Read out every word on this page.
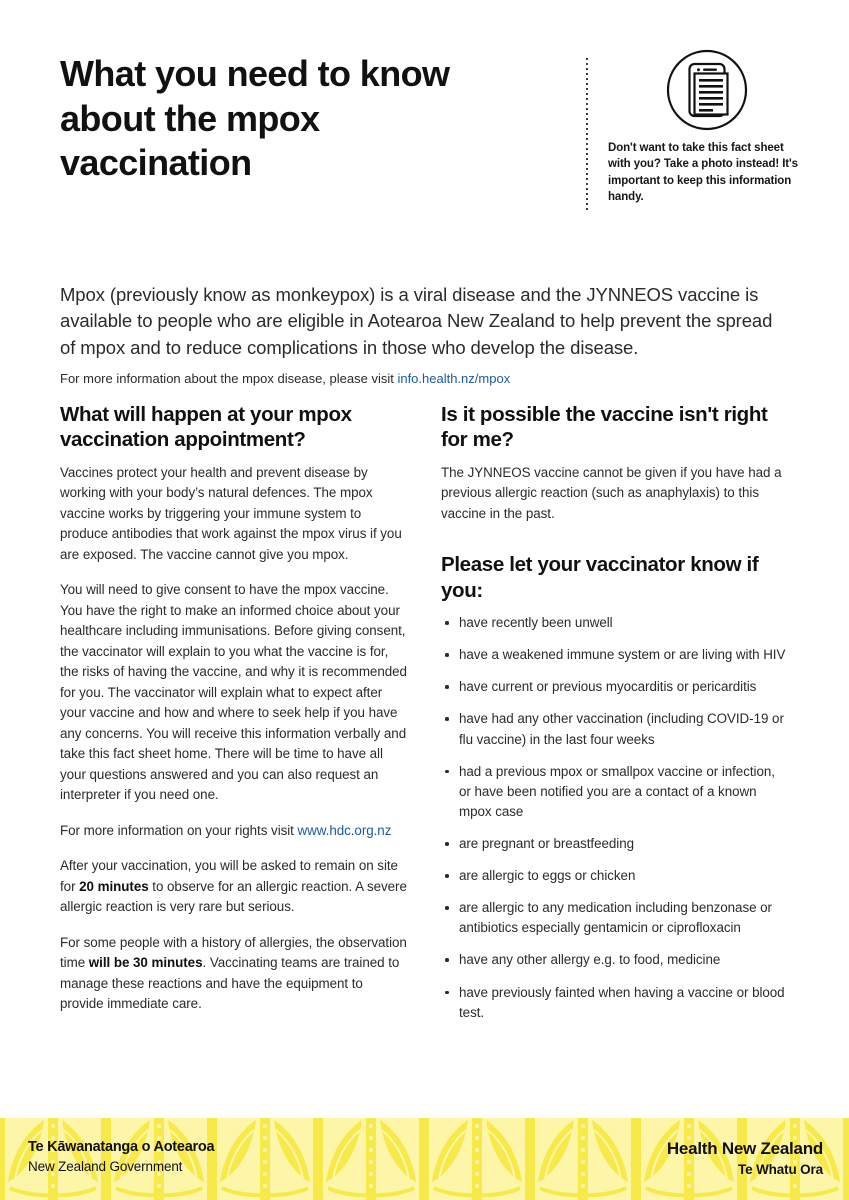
What you need to know about the mpox vaccination	Don't want to take this fact sheet with you? Take a photo instead! It's important to keep this information handy.

Mpox (previously know as monkeypox) is a viral disease and the JYNNEOS vaccine is available to people who are eligible in Aotearoa New Zealand to help prevent the spread of mpox and to reduce complications in those who develop the disease.

For more information about the mpox disease, please visit info.health.nz/mpox

What will happen at your mpox vaccination appointment?

Vaccines protect your health and prevent disease by working with your body’s natural defences. The mpox vaccine works by triggering your immune system to produce antibodies that work against the mpox virus if you are exposed. The vaccine cannot give you mpox.

You will need to give consent to have the mpox vaccine. You have the right to make an informed choice about your healthcare including immunisations. Before giving consent, the vaccinator will explain to you what the vaccine is for, the risks of having the vaccine, and why it is recommended for you. The vaccinator will explain what to expect after your vaccine and how and where to seek help if you have any concerns. You will receive this information verbally and take this fact sheet home. There will be time to have all your questions answered and you can also request an interpreter if you need one.

For more information on your rights visit www.hdc.org.nz

After your vaccination, you will be asked to remain on site for 20 minutes to observe for an allergic reaction. A severe allergic reaction is very rare but serious.

For some people with a history of allergies, the observation time will be 30 minutes. Vaccinating teams are trained to manage these reactions and have the equipment to provide immediate care.

Is it possible the vaccine isn't right for me?

The JYNNEOS vaccine cannot be given if you have had a previous allergic reaction (such as anaphylaxis) to this vaccine in the past.

Please let your vaccinator know if you:
have recently been unwell
have a weakened immune system or are living with HIV
have current or previous myocarditis or pericarditis
have had any other vaccination (including COVID-19 or flu vaccine) in the last four weeks
had a previous mpox or smallpox vaccine or infection, or have been notified you are a contact of a known mpox case
are pregnant or breastfeeding
are allergic to eggs or chicken
are allergic to any medication including benzonase or antibiotics especially gentamicin or ciprofloxacin
have any other allergy e.g. to food, medicine
have previously fainted when having a vaccine or blood test.
Te Kāwanatanga o Aotearoa
New Zealand Government
Health New Zealand
Te Whatu Ora
